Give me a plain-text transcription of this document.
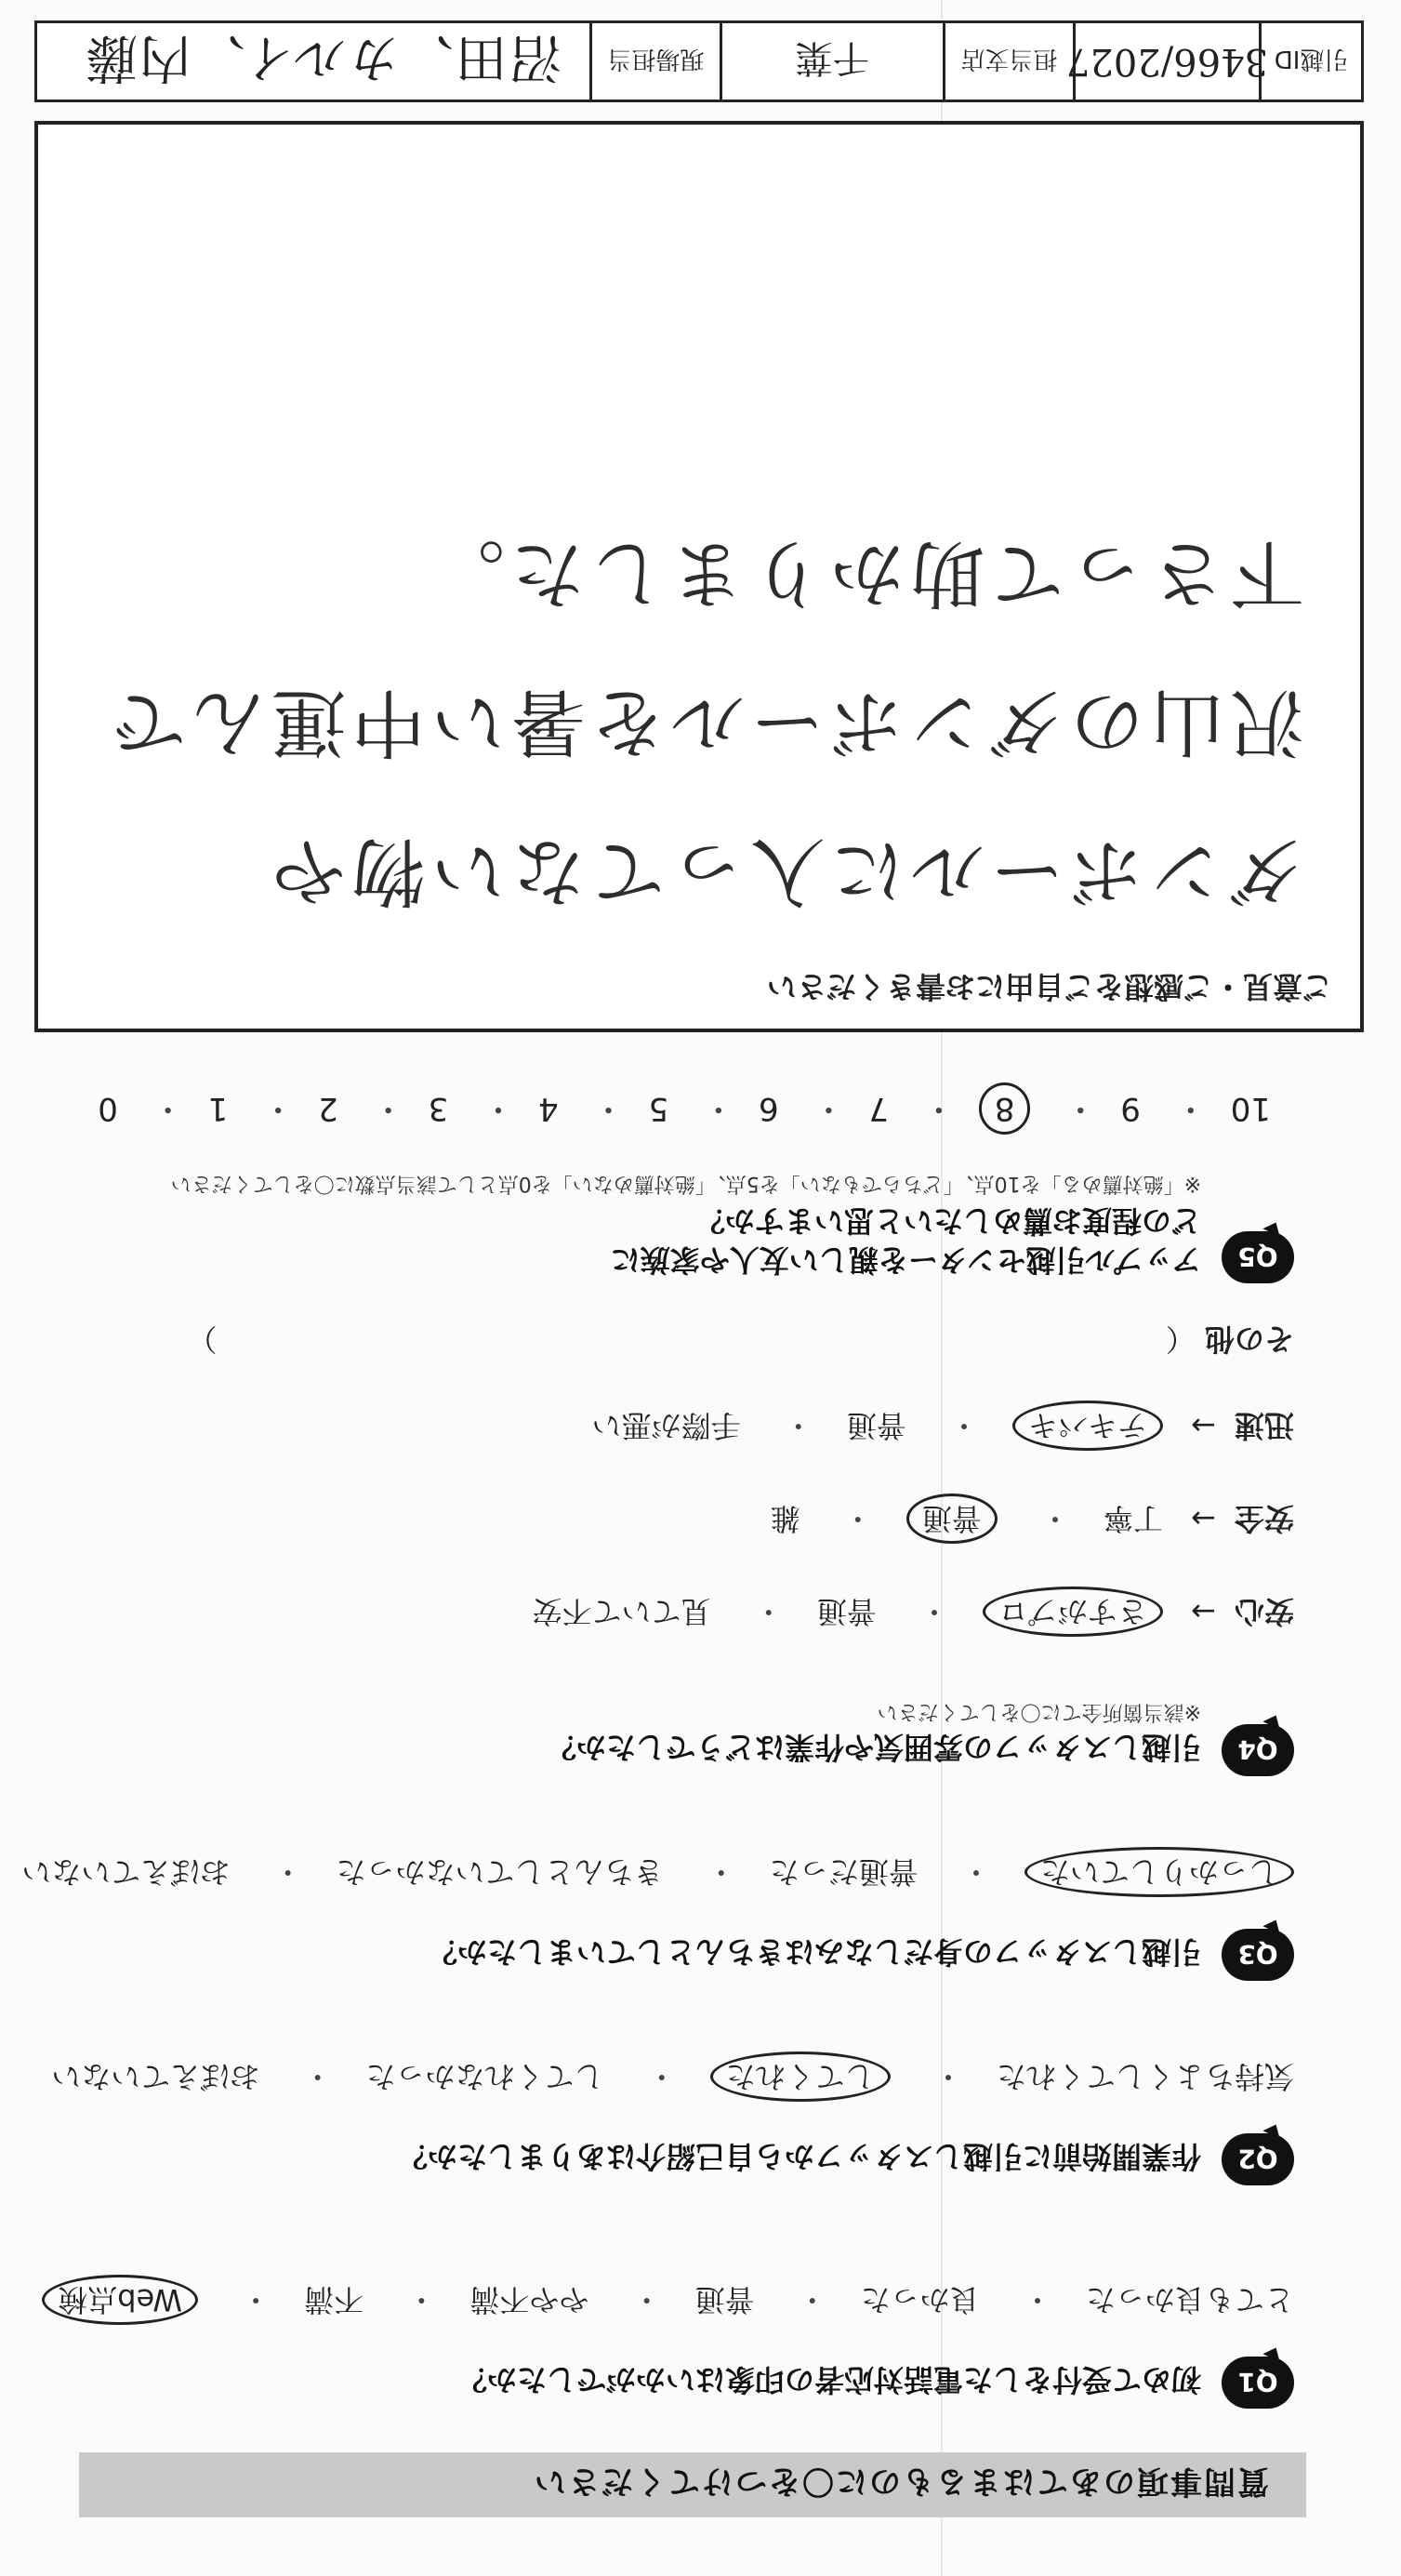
質問事項のあてはまるものに〇をつけてください
Q1
初めて受付をした電話対応者の印象はいかがでしたか？
とても良かった・ 良かった・ 普通・ やや不満・ 不満・ Web点検
Q2
作業開始前に引越しスタッフから自己紹介はありましたか？
気持ちよくしてくれた・ してくれた・ してくれなかった・ おぼえていない
Q3
引越しスタッフの身だしなみはきちんとしていましたか？
しっかりしていた・ 普通だった・ きちんとしていなかった・ おぼえていない
Q4
引越しスタッフの雰囲気や作業はどうでしたか？
※該当箇所全てに〇をしてください
安心→ さすがプロ・ 普通・ 見ていて不安
安全→ 丁寧・ 普通・ 雑
迅速→ テキパキ・ 普通・ 手際が悪い
その他 （  ）
Q5
アップル引越センターを親しい友人や家族に
どの程度お薦めしたいと思いますか？
※「絶対薦める」を10点、「どちらでもない」を5点、「絶対薦めない」を0点として該当点数に〇をしてください
10・ 9・ 8・ 7・ 6・ 5・ 4・ 3・ 2・ 1・ 0
ご意見・ご感想をご自由にお書きください
ダンボールに入ってない物や
沢山のダンボールを暑い中運んで
下さって助かりました。
引越ID
3466/2027
担当支店
千葉
現場担当
沼田、カルイ、内藤
